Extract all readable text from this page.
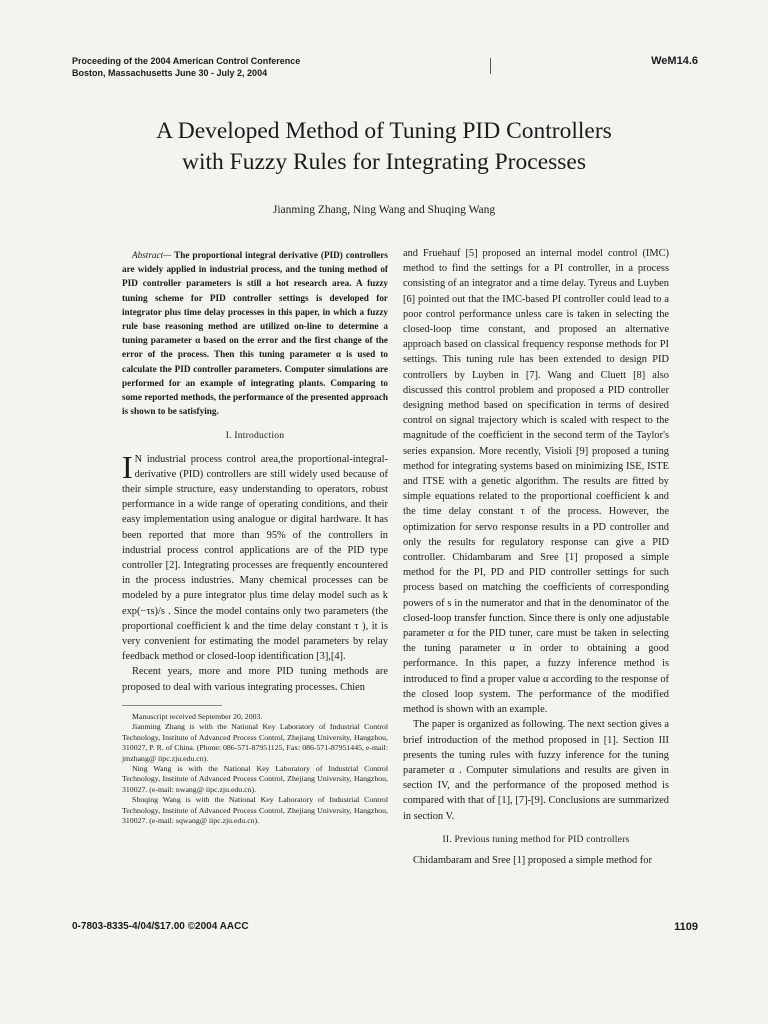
Proceeding of the 2004 American Control Conference
Boston, Massachusetts June 30 - July 2, 2004
WeM14.6
A Developed Method of Tuning PID Controllers
with Fuzzy Rules for Integrating Processes
Jianming Zhang, Ning Wang and Shuqing Wang

Abstract— The proportional integral derivative (PID) controllers are widely applied in industrial process, and the tuning method of PID controller parameters is still a hot research area. A fuzzy tuning scheme for PID controller settings is developed for integrator plus time delay processes in this paper, in which a fuzzy rule base reasoning method are utilized on-line to determine a tuning parameter α based on the error and the first change of the error of the process. Then this tuning parameter α is used to calculate the PID controller parameters. Computer simulations are performed for an example of integrating plants. Comparing to some reported methods, the performance of the presented approach is shown to be satisfying.

I. Introduction

I N industrial process control area,the proportional-integral-derivative (PID) controllers are still widely used because of their simple structure, easy understanding to operators, robust performance in a wide range of operating conditions, and their easy implementation using analogue or digital hardware. It has been reported that more than 95% of the controllers in industrial process control applications are of the PID type controller [2]. Integrating processes are frequently encountered in the process industries. Many chemical processes can be modeled by a pure integrator plus time delay model such as k exp(−τs)/s . Since the model contains only two parameters (the proportional coefficient k and the time delay constant τ ), it is very convenient for estimating the model parameters by relay feedback method or closed-loop identification [3],[4].

Recent years, more and more PID tuning methods are proposed to deal with various integrating processes. Chien

Manuscript received September 20, 2003.

Jianming Zhang is with the National Key Laboratory of Industrial Control Technology, Institute of Advanced Process Control, Zhejiang University, Hangzhou, 310027, P. R. of China. (Phone: 086-571-87951125, Fax: 086-571-87951445, e-mail: jmzhang@ iipc.zju.edu.cn).

Ning Wang is with the National Key Laboratory of Industrial Control Technology, Institute of Advanced Process Control, Zhejiang University, Hangzhou, 310027. (e-mail: nwang@ iipc.zju.edu.cn).

Shuqing Wang is with the National Key Laboratory of Industrial Control Technology, Institute of Advanced Process Control, Zhejiang University, Hangzhou, 310027. (e-mail: sqwang@ iipc.zju.edu.cn).

and Fruehauf [5] proposed an internal model control (IMC) method to find the settings for a PI controller, in a process consisting of an integrator and a time delay. Tyreus and Luyben [6] pointed out that the IMC-based PI controller could lead to a poor control performance unless care is taken in selecting the closed-loop time constant, and proposed an alternative approach based on classical frequency response methods for PI settings. This tuning rule has been extended to design PID controllers by Luyben in [7]. Wang and Cluett [8] also discussed this control problem and proposed a PID controller designing method based on specification in terms of desired control on signal trajectory which is scaled with respect to the magnitude of the coefficient in the second term of the Taylor's series expansion. More recently, Visioli [9] proposed a tuning method for integrating systems based on minimizing ISE, ISTE and ITSE with a genetic algorithm. The results are fitted by simple equations related to the proportional coefficient k and the time delay constant τ of the process. However, the optimization for servo response results in a PD controller and only the results for regulatory response can give a PID controller. Chidambaram and Sree [1] proposed a simple method for the PI, PD and PID controller settings for such process based on matching the coefficients of corresponding powers of s in the numerator and that in the denominator of the closed-loop transfer function. Since there is only one adjustable parameter α for the PID tuner, care must be taken in selecting the tuning parameter α in order to obtaining a good performance. In this paper, a fuzzy inference method is introduced to find a proper value α according to the response of the closed loop system. The performance of the modified method is shown with an example.

The paper is organized as following. The next section gives a brief introduction of the method proposed in [1]. Section III presents the tuning rules with fuzzy inference for the tuning parameter α . Computer simulations and results are given in section IV, and the performance of the proposed method is compared with that of [1], [7]-[9]. Conclusions are summarized in section V.

II. Previous tuning method for PID controllers

Chidambaram and Sree [1] proposed a simple method for

0-7803-8335-4/04/$17.00 ©2004 AACC	1109
